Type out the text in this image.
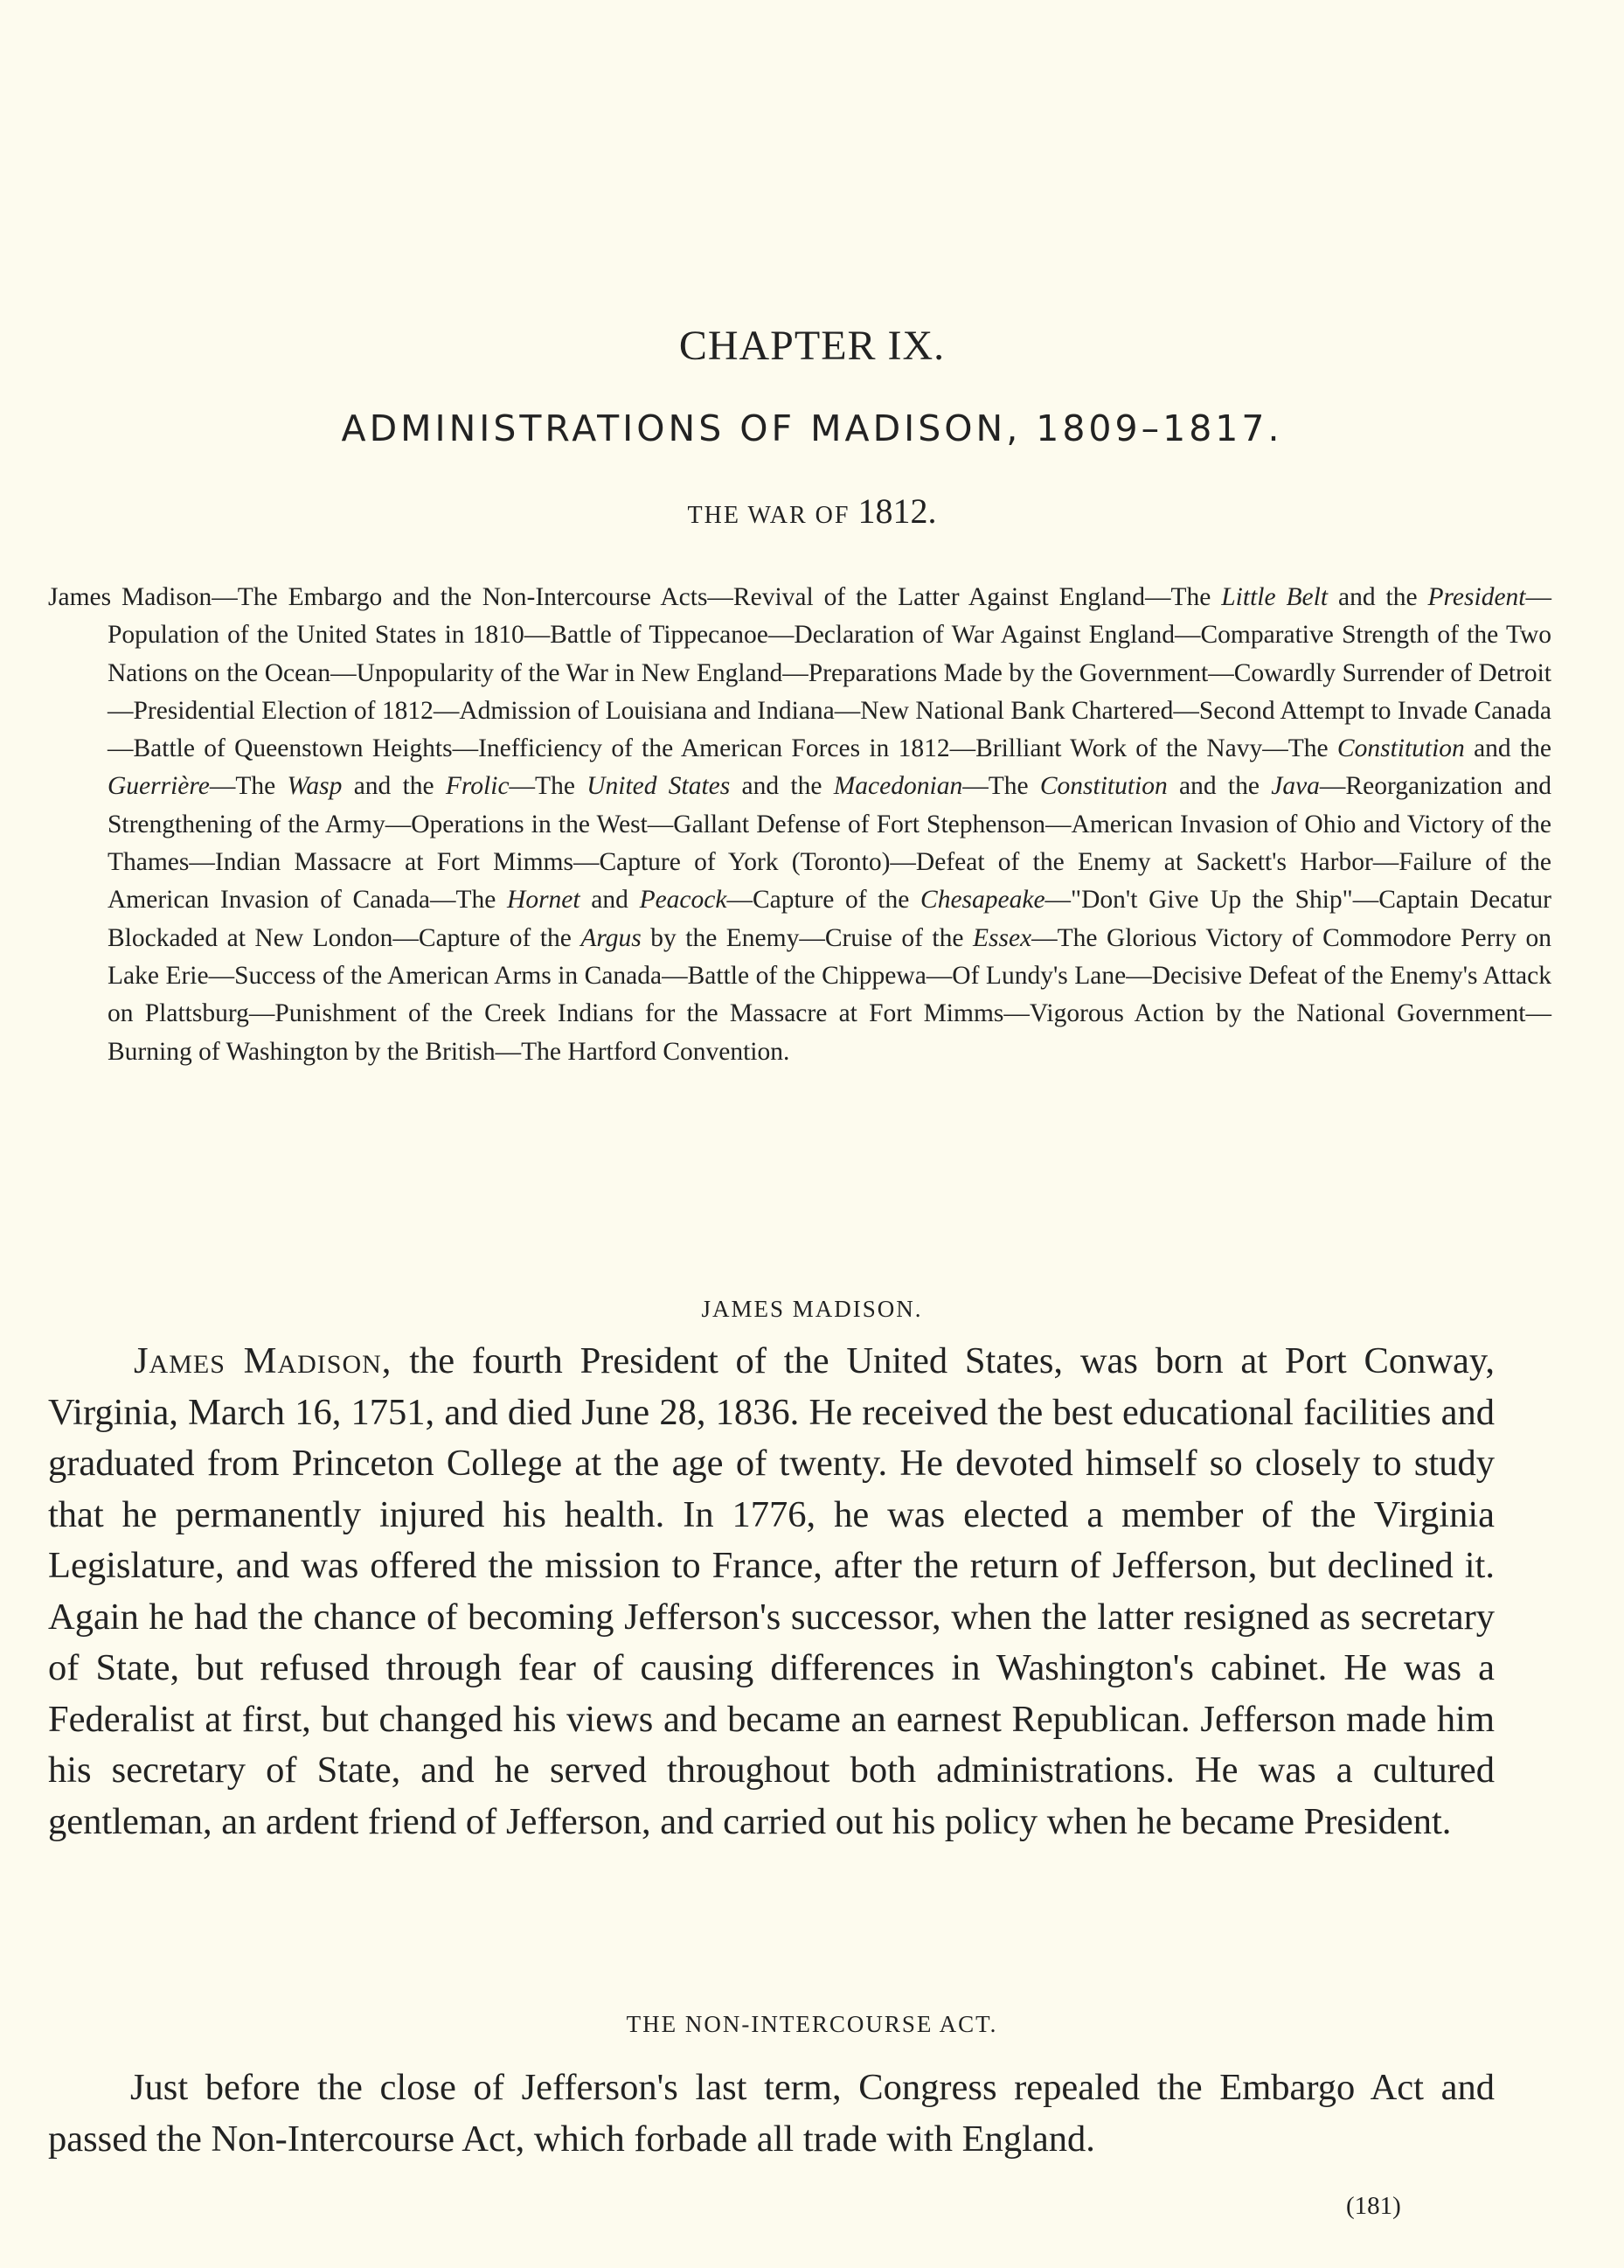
CHAPTER IX.
ADMINISTRATIONS OF MADISON, 1809–1817.
THE WAR OF 1812.

James Madison—The Embargo and the Non-Intercourse Acts—Revival of the Latter Against England—The Little Belt and the President—Population of the United States in 1810—Battle of Tippecanoe—Declaration of War Against England—Comparative Strength of the Two Nations on the Ocean—Unpopularity of the War in New England—Preparations Made by the Government—Cowardly Surrender of Detroit—Presidential Election of 1812—Admission of Louisiana and Indiana—New National Bank Chartered—Second Attempt to Invade Canada—Battle of Queenstown Heights—Inefficiency of the American Forces in 1812—Brilliant Work of the Navy—The Constitution and the Guerrière—The Wasp and the Frolic—The United States and the Macedonian—The Constitution and the Java—Reorganization and Strengthening of the Army—Operations in the West—Gallant Defense of Fort Stephenson—American Invasion of Ohio and Victory of the Thames—Indian Massacre at Fort Mimms—Capture of York (Toronto)—Defeat of the Enemy at Sackett's Harbor—Failure of the American Invasion of Canada—The Hornet and Peacock—Capture of the Chesapeake—"Don't Give Up the Ship"—Captain Decatur Blockaded at New London—Capture of the Argus by the Enemy—Cruise of the Essex—The Glorious Victory of Commodore Perry on Lake Erie—Success of the American Arms in Canada—Battle of the Chippewa—Of Lundy's Lane—Decisive Defeat of the Enemy's Attack on Plattsburg—Punishment of the Creek Indians for the Massacre at Fort Mimms—Vigorous Action by the National Government—Burning of Washington by the British—The Hartford Convention.

JAMES MADISON.

James Madison, the fourth President of the United States, was born at Port Conway, Virginia, March 16, 1751, and died June 28, 1836. He received the best educational facilities and graduated from Princeton College at the age of twenty. He devoted himself so closely to study that he permanently injured his health. In 1776, he was elected a member of the Virginia Legislature, and was offered the mission to France, after the return of Jefferson, but declined it. Again he had the chance of becoming Jefferson's successor, when the latter resigned as secretary of State, but refused through fear of causing differences in Washington's cabinet. He was a Federalist at first, but changed his views and became an earnest Republican. Jefferson made him his secretary of State, and he served throughout both administrations. He was a cultured gentleman, an ardent friend of Jefferson, and carried out his policy when he became President.

THE NON-INTERCOURSE ACT.

Just before the close of Jefferson's last term, Congress repealed the Embargo Act and passed the Non-Intercourse Act, which forbade all trade with England.

(181)
